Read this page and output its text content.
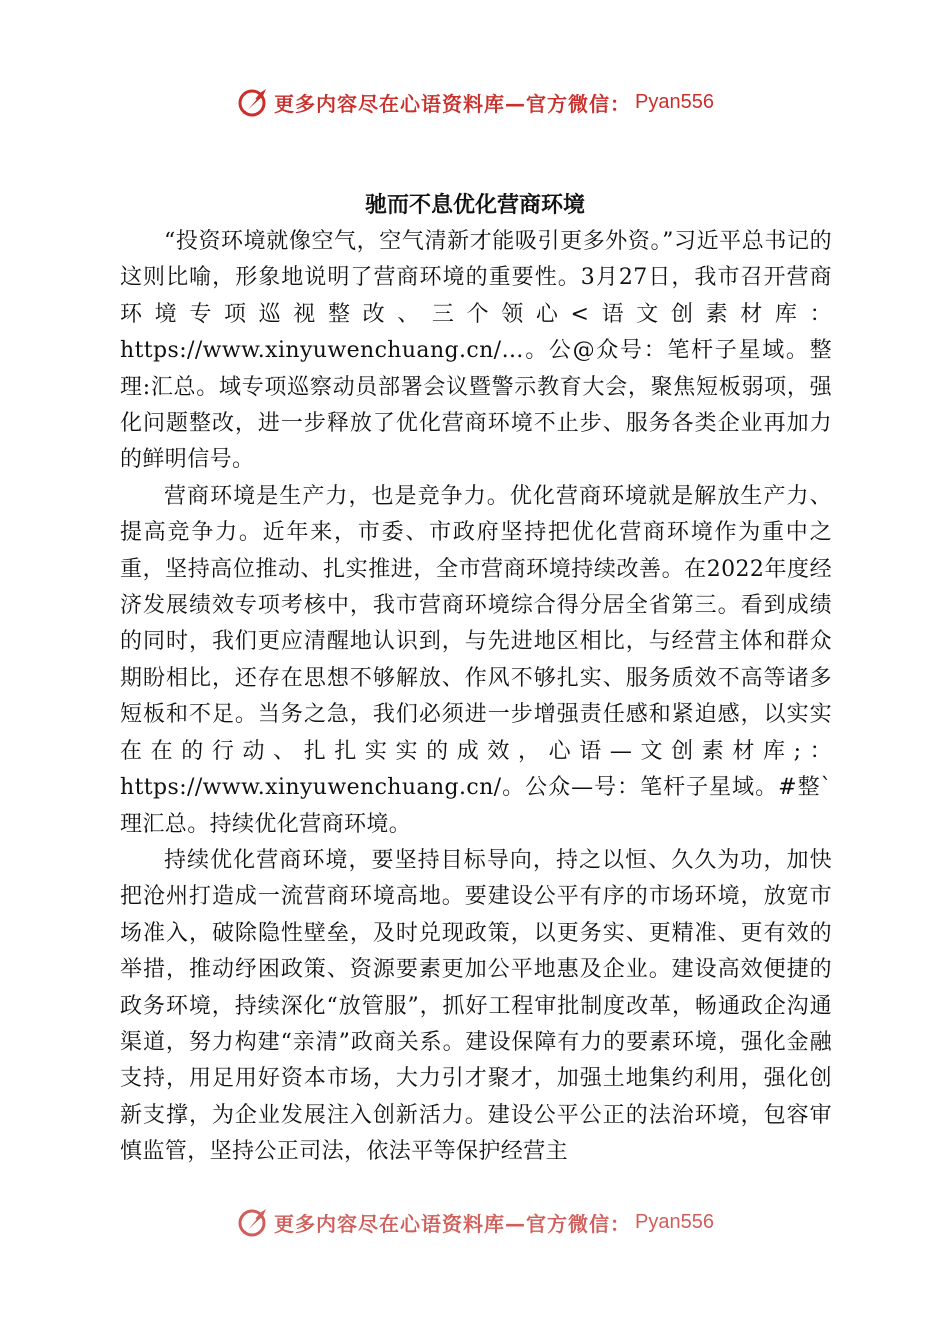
更多内容尽在心语资料库—官方微信： Pyan556
驰而不息优化营商环境

“投资环境就像空气，空气清新才能吸引更多外资。”习近平总书记的这则比喻，形象地说明了营商环境的重要性。3月27日，我市召开营商环境专项巡视整改、三个领心<语文创素材库：https://www.xinyuwenchuang.cn/…。公@众号：笔杆子星域。整理:汇总。域专项巡察动员部署会议暨警示教育大会，聚焦短板弱项，强化问题整改，进一步释放了优化营商环境不止步、服务各类企业再加力的鲜明信号。

营商环境是生产力，也是竞争力。优化营商环境就是解放生产力、提高竞争力。近年来，市委、市政府坚持把优化营商环境作为重中之重，坚持高位推动、扎实推进，全市营商环境持续改善。在2022年度经济发展绩效专项考核中，我市营商环境综合得分居全省第三。看到成绩的同时，我们更应清醒地认识到，与先进地区相比，与经营主体和群众期盼相比，还存在思想不够解放、作风不够扎实、服务质效不高等诸多短板和不足。当务之急，我们必须进一步增强责任感和紧迫感，以实实在在的行动、扎扎实实的成效，心语—文创素材库;：https://www.xinyuwenchuang.cn/。公众—号：笔杆子星域。#整`理汇总。持续优化营商环境。

持续优化营商环境，要坚持目标导向，持之以恒、久久为功，加快把沧州打造成一流营商环境高地。要建设公平有序的市场环境，放宽市场准入，破除隐性壁垒，及时兑现政策，以更务实、更精准、更有效的举措，推动纾困政策、资源要素更加公平地惠及企业。建设高效便捷的政务环境，持续深化“放管服”，抓好工程审批制度改革，畅通政企沟通渠道，努力构建“亲清”政商关系。建设保障有力的要素环境，强化金融支持，用足用好资本市场，大力引才聚才，加强土地集约利用，强化创新支撑，为企业发展注入创新活力。建设公平公正的法治环境，包容审慎监管，坚持公正司法，依法平等保护经营主

更多内容尽在心语资料库—官方微信： Pyan556
